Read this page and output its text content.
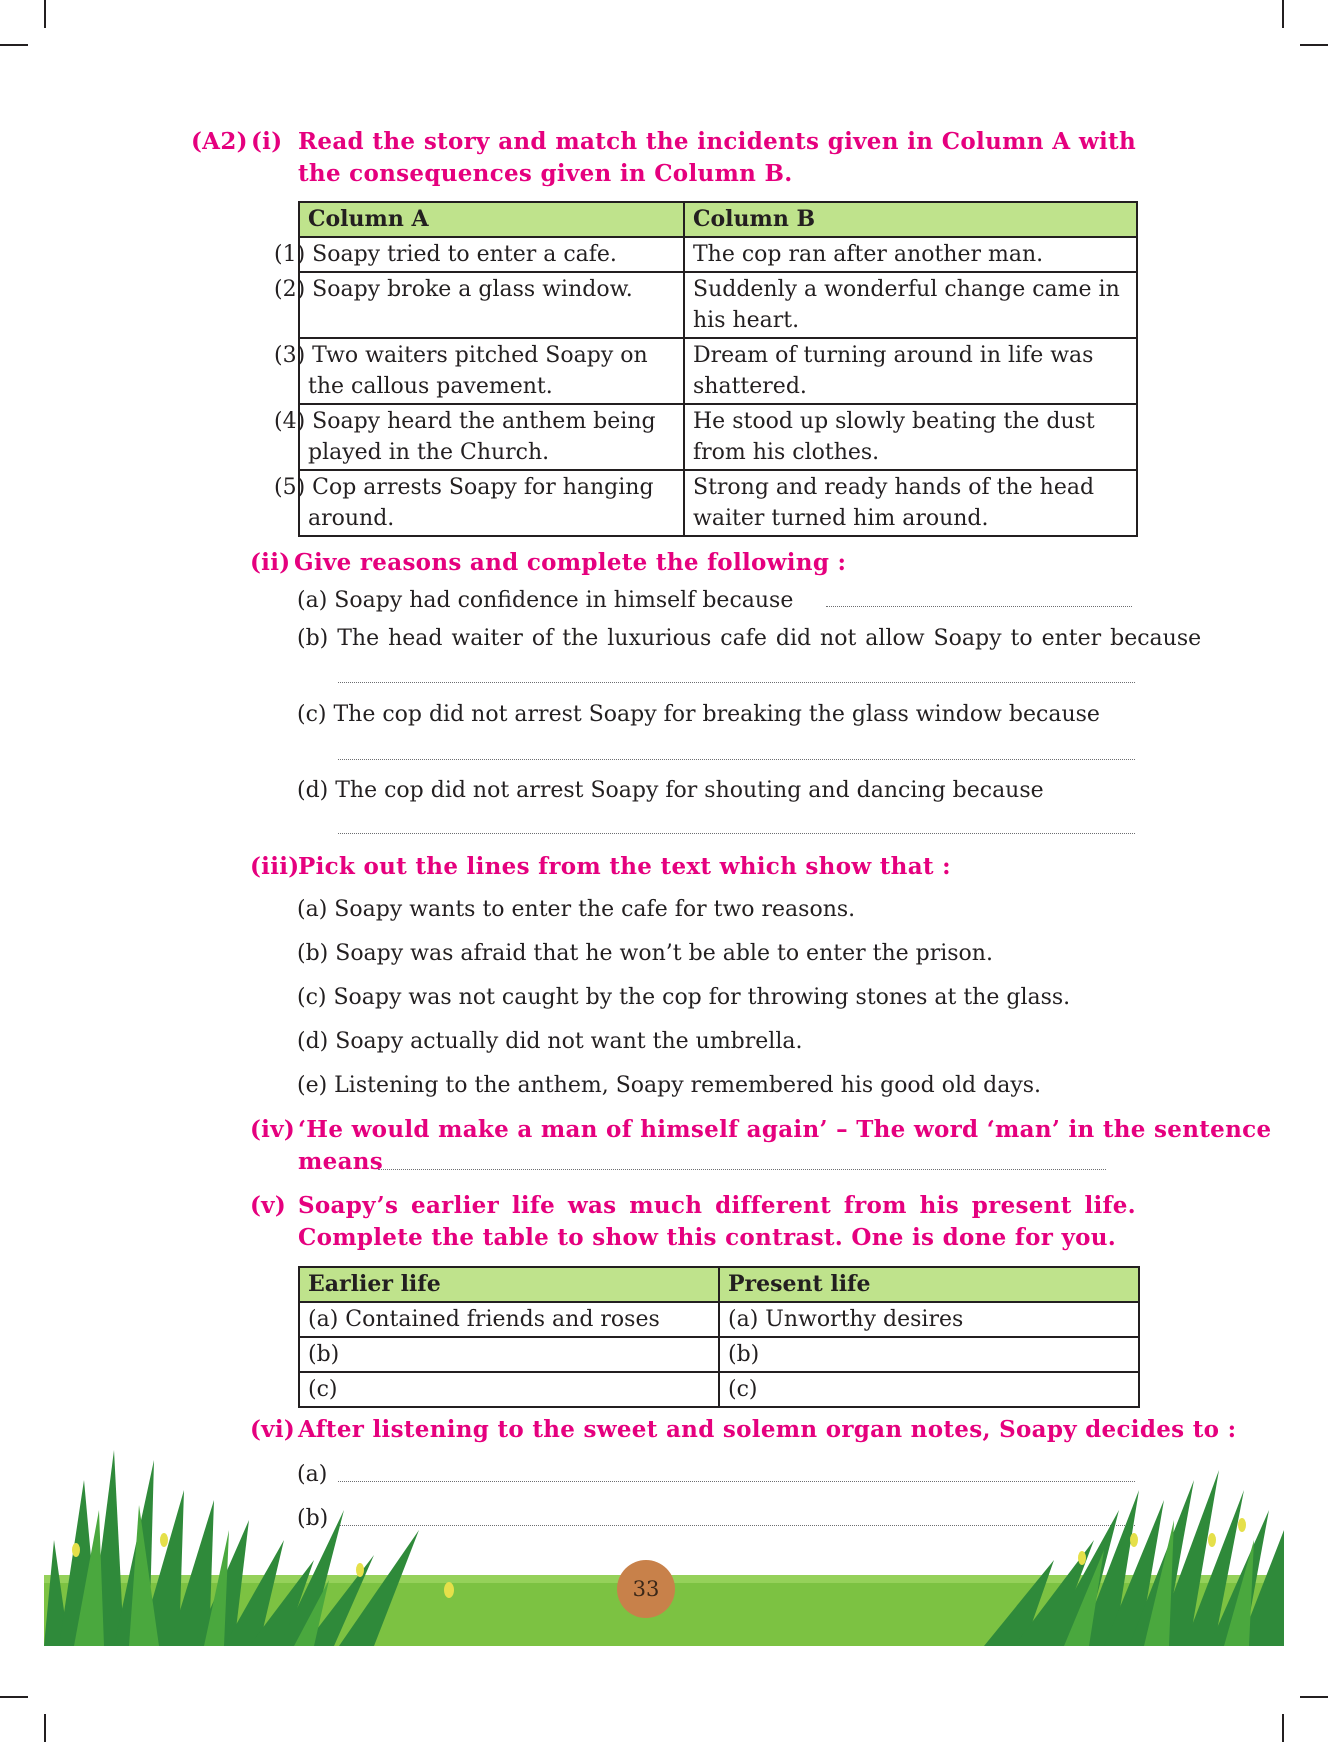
(A2) (i) Read the story and match the incidents given in Column A with the consequences given in Column B.
Column A	Column B
(1) Soapy tried to enter a cafe.	The cop ran after another man.
(2) Soapy broke a glass window.	Suddenly a wonderful change came in his heart.
(3) Two waiters pitched Soapy on the callous pavement.	Dream of turning around in life was shattered.
(4) Soapy heard the anthem being played in the Church.	He stood up slowly beating the dust from his clothes.
(5) Cop arrests Soapy for hanging around.	Strong and ready hands of the head waiter turned him around.
(ii) Give reasons and complete the following :
(a) Soapy had confidence in himself because
(b) The head waiter of the luxurious cafe did not allow Soapy to enter because
(c) The cop did not arrest Soapy for breaking the glass window because
(d) The cop did not arrest Soapy for shouting and dancing because
(iii)
Pick out the lines from the text which show that :
(a) Soapy wants to enter the cafe for two reasons.
(b) Soapy was afraid that he won’t be able to enter the prison.
(c) Soapy was not caught by the cop for throwing stones at the glass.
(d) Soapy actually did not want the umbrella.
(e) Listening to the anthem, Soapy remembered his good old days.
(iv) ‘He would make a man of himself again’ – The word ‘man’ in the sentence
means
(v) Soapy’s earlier life was much different from his present life. Complete the table to show this contrast. One is done for you.
Earlier life	Present life
(a) Contained friends and roses	(a) Unworthy desires
(b)	(b)
(c)	(c)
(vi) After listening to the sweet and solemn organ notes, Soapy decides to :
(a)
(b)
33
